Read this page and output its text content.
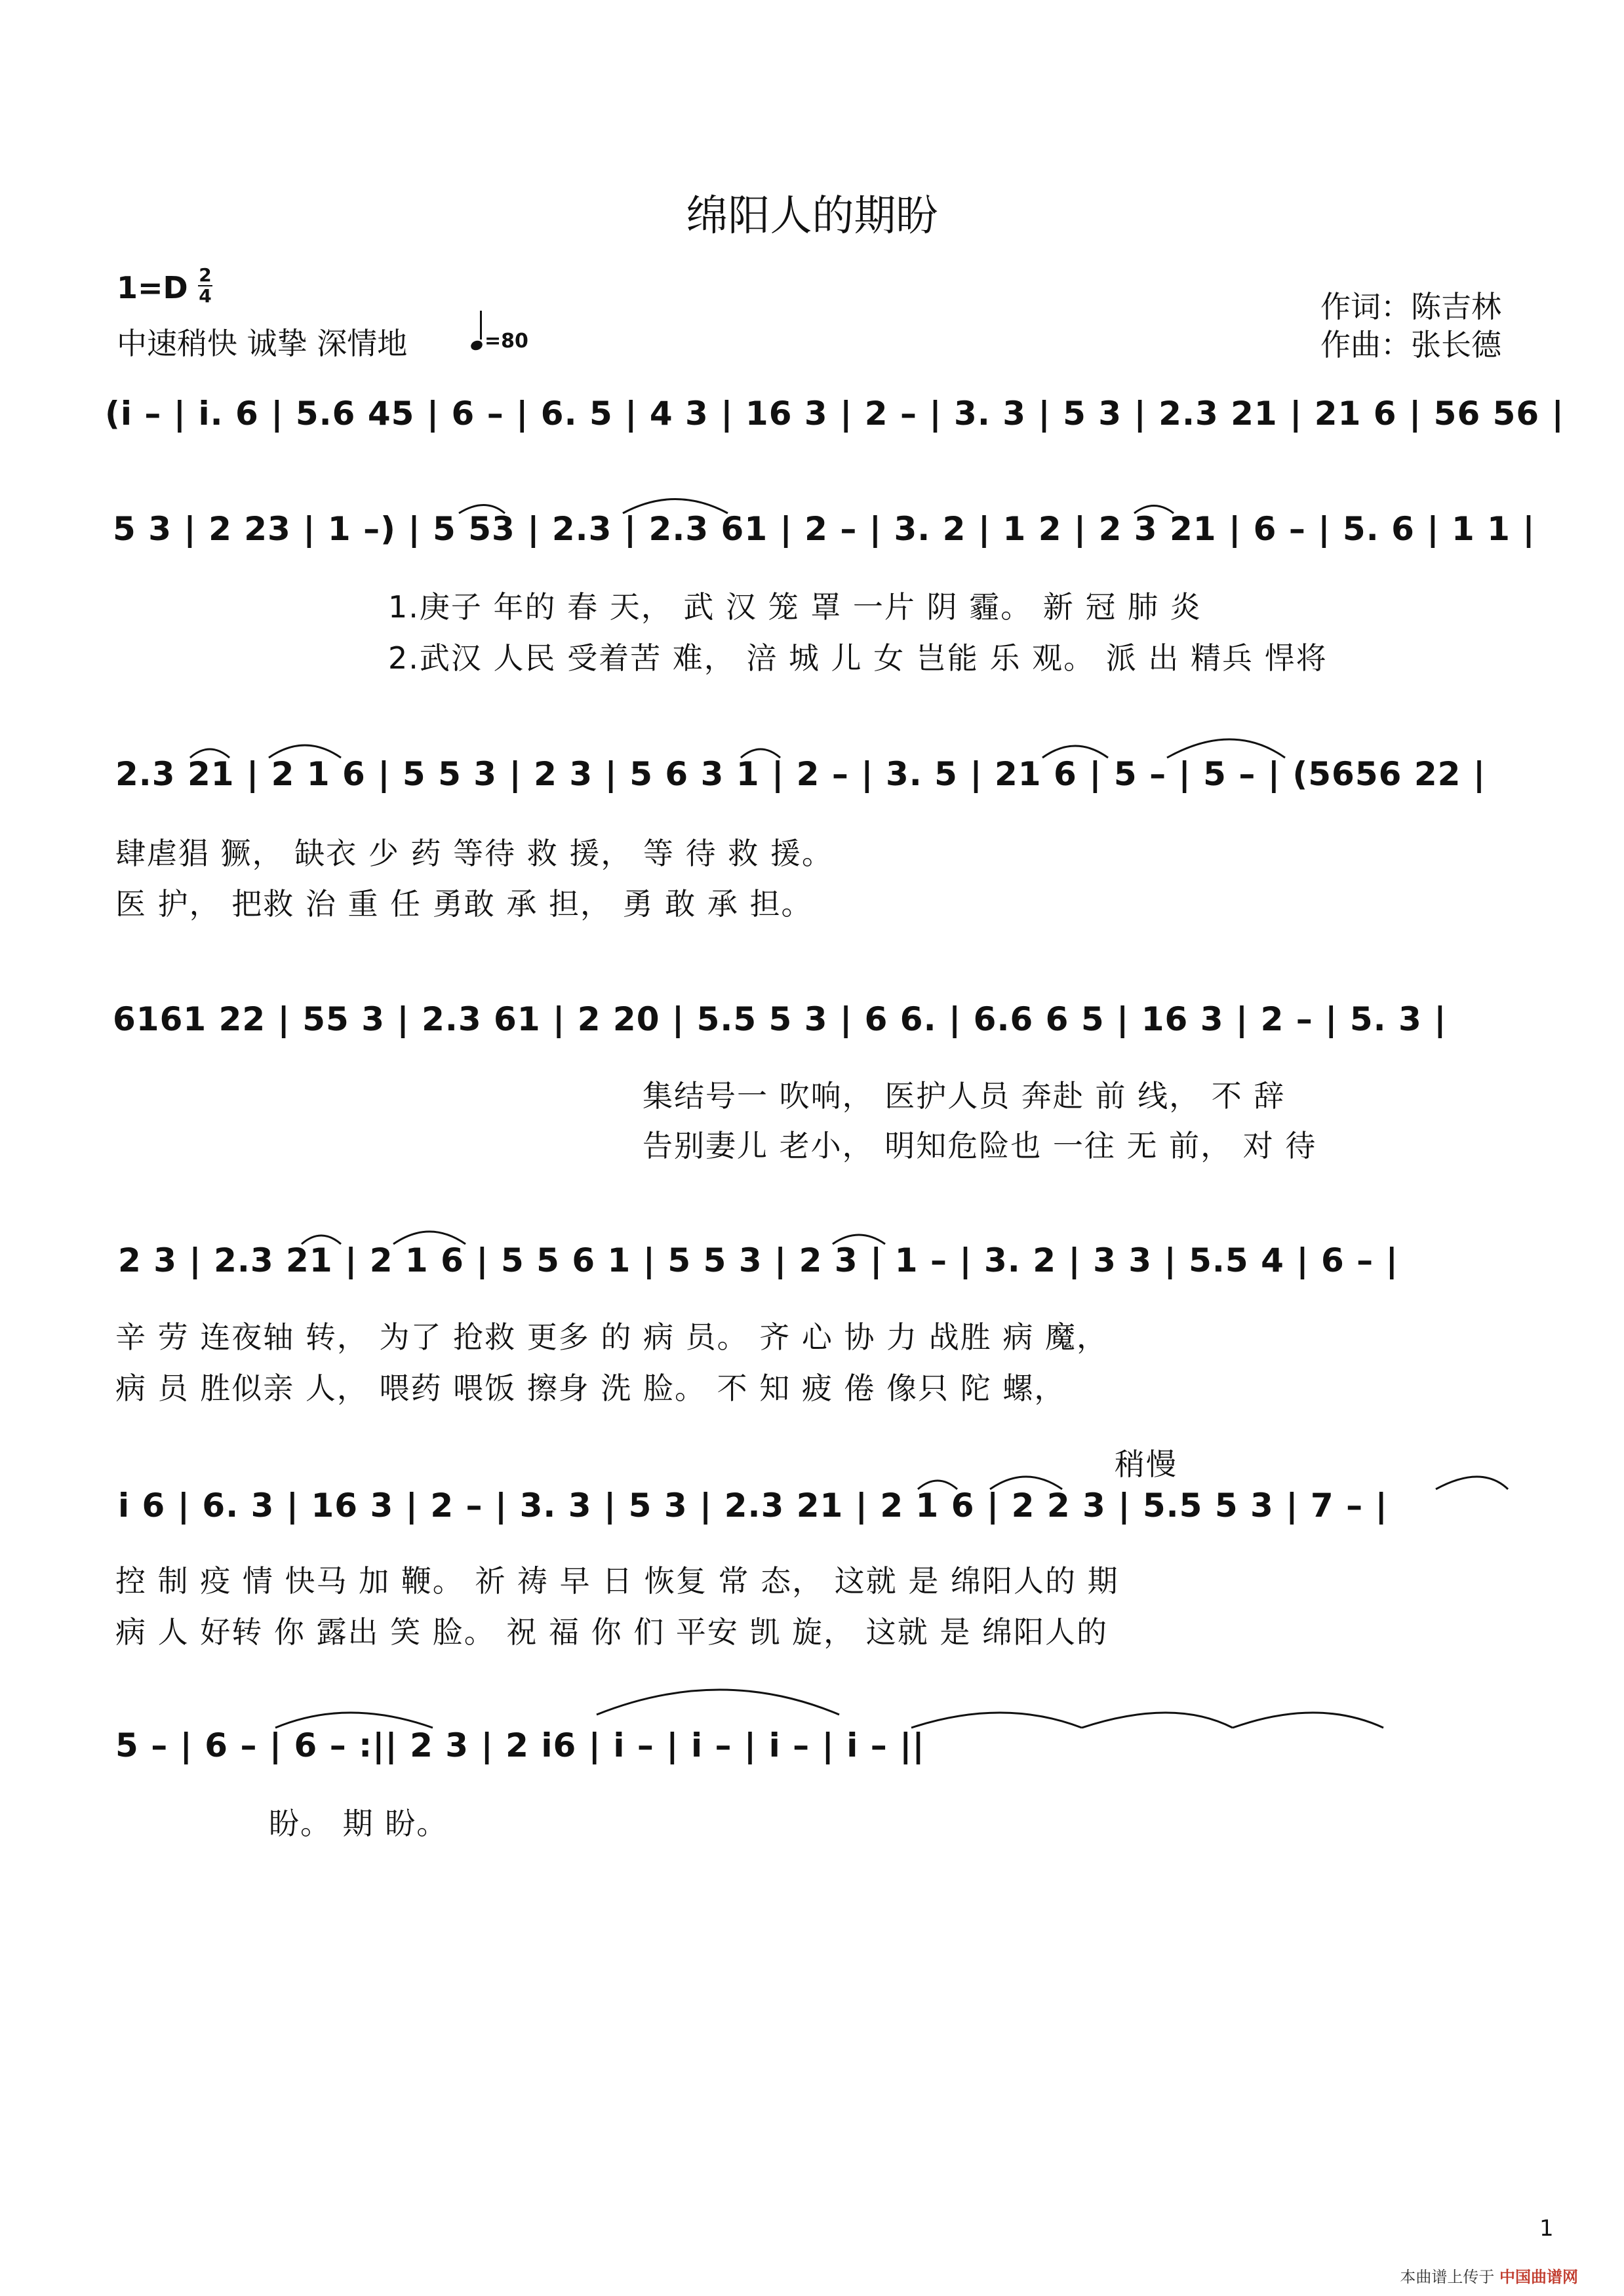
绵阳人的期盼
1=D 2
4
中速稍快 诚挚 深情地	=80
作词：陈吉林
作曲：张长德
(i – | i. 6 | 5.6 45 | 6 – | 6. 5 | 4 3 | 16 3 | 2 – | 3. 3 | 5 3 | 2.3 21 | 21 6 | 56 56 |
5 3 | 2 23 | 1 –) | 5 53 | 2.3 | 2.3 61 | 2 – | 3. 2 | 1 2 | 2 3 21 | 6 – | 5. 6 | 1 1 |
1.庚子 年的 春 天， 武 汉 笼 罩 一片 阴 霾。 新 冠 肺 炎
2.武汉 人民 受着苦 难， 涪 城 儿 女 岂能 乐 观。 派 出 精兵 悍将
2.3 21 | 2 1 6 | 5 5 3 | 2 3 | 5 6 3 1 | 2 – | 3. 5 | 21 6 | 5 – | 5 – | (5656 22 |
肆虐猖 獗， 缺衣 少 药 等待 救 援， 等 待 救 援。
医 护， 把救 治 重 任 勇敢 承 担， 勇 敢 承 担。
6161 22 | 55 3 | 2.3 61 | 2 20 | 5.5 5 3 | 6 6. | 6.6 6 5 | 16 3 | 2 – | 5. 3 |
集结号一 吹响， 医护人员 奔赴 前 线， 不 辞
告别妻儿 老小， 明知危险也 一往 无 前， 对 待
2 3 | 2.3 21 | 2 1 6 | 5 5 6 1 | 5 5 3 | 2 3 | 1 – | 3. 2 | 3 3 | 5.5 4 | 6 – |
辛 劳 连夜轴 转， 为了 抢救 更多 的 病 员。 齐 心 协 力 战胜 病 魔，
病 员 胜似亲 人， 喂药 喂饭 擦身 洗 脸。 不 知 疲 倦 像只 陀 螺，
稍慢
i 6 | 6. 3 | 16 3 | 2 – | 3. 3 | 5 3 | 2.3 21 | 2 1 6 | 2 2 3 | 5.5 5 3 | 7 – |
控 制 疫 情 快马 加 鞭。 祈 祷 早 日 恢复 常 态， 这就 是 绵阳人的 期
病 人 好转 你 露出 笑 脸。 祝 福 你 们 平安 凯 旋， 这就 是 绵阳人的
5 – | 6 – | 6 – :|| 2 3 | 2 i6 | i – | i – | i – | i – ||
盼。 期 盼。
1
本曲谱上传于 中国曲谱网
